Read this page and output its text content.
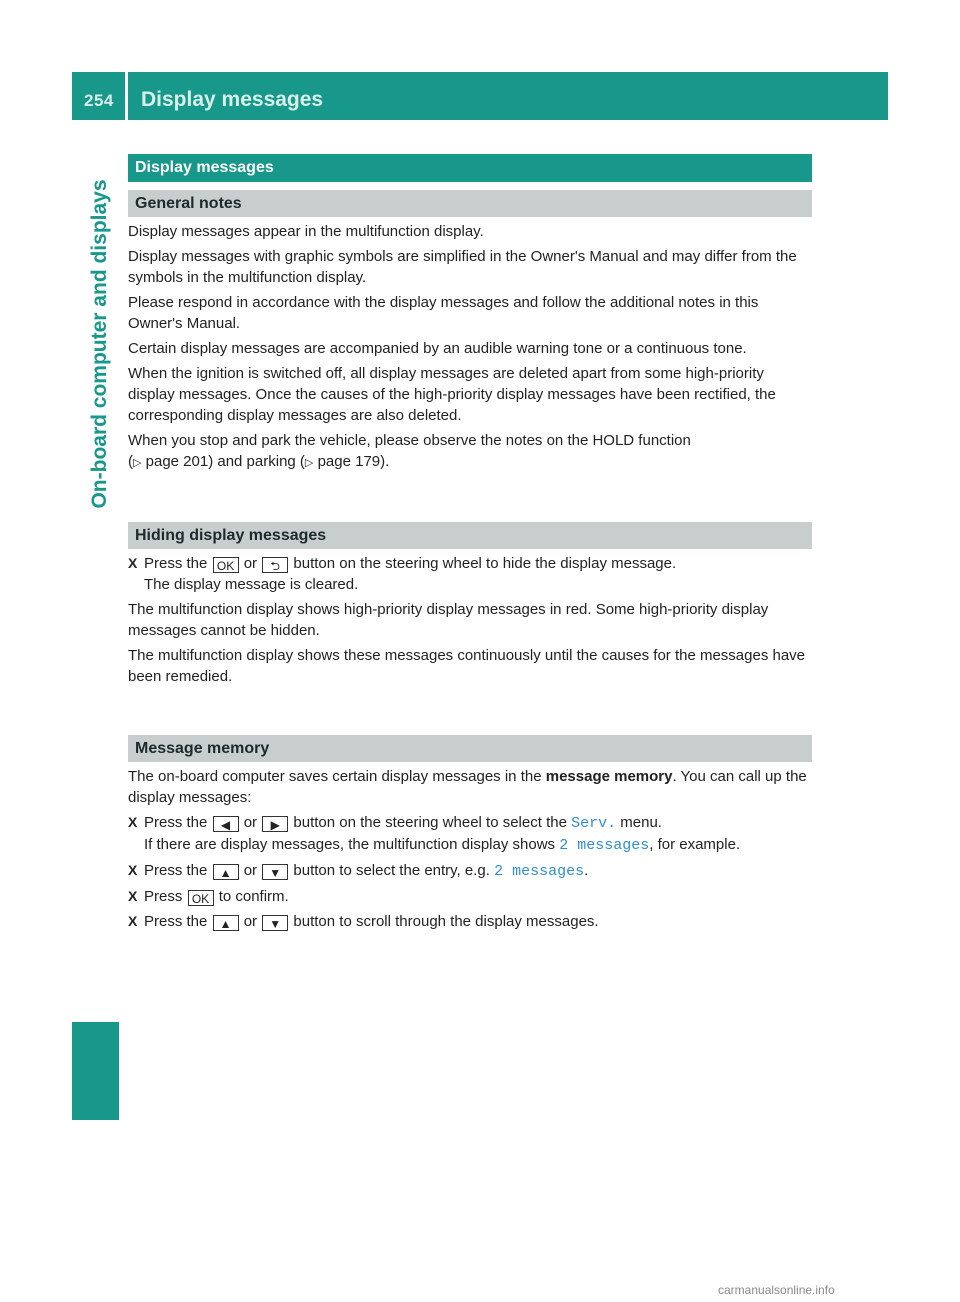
254 Display messages
On-board computer and displays
Display messages
General notes

Display messages appear in the multifunction display.

Display messages with graphic symbols are simplified in the Owner's Manual and may differ from the symbols in the multifunction display.

Please respond in accordance with the display messages and follow the additional notes in this Owner's Manual.

Certain display messages are accompanied by an audible warning tone or a continuous tone.

When the ignition is switched off, all display messages are deleted apart from some high-priority display messages. Once the causes of the high-priority display messages have been rectified, the corresponding display messages are also deleted.

When you stop and park the vehicle, please observe the notes on the HOLD function
(▷ page 201) and parking (▷ page 179).

Hiding display messages
X Press the OK or ⮌ button on the steering wheel to hide the display message.
The display message is cleared.

The multifunction display shows high-priority display messages in red. Some high-priority display messages cannot be hidden.

The multifunction display shows these messages continuously until the causes for the messages have been remedied.

Message memory

The on-board computer saves certain display messages in the message memory. You can call up the display messages:

X Press the ◀ or ▶ button on the steering wheel to select the Serv. menu.
If there are display messages, the multifunction display shows 2 messages, for example.
X Press the ▲ or ▼ button to select the entry, e.g. 2 messages.
X Press OK to confirm.
X Press the ▲ or ▼ button to scroll through the display messages.
carmanualsonline.info
